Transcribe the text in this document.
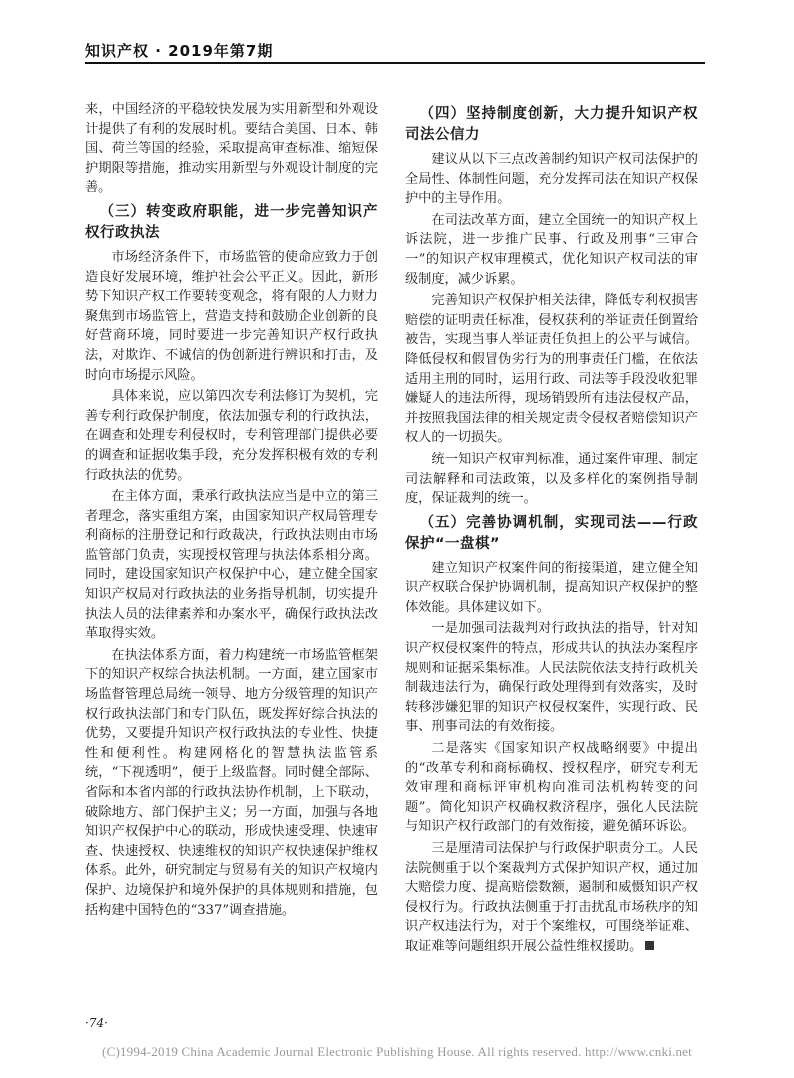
知识产权 · 2019年第7期

来，中国经济的平稳较快发展为实用新型和外观设计提供了有利的发展时机。要结合美国、日本、韩国、荷兰等国的经验，采取提高审查标准、缩短保护期限等措施，推动实用新型与外观设计制度的完善。

（三）转变政府职能，进一步完善知识产权行政执法

市场经济条件下，市场监管的使命应致力于创造良好发展环境，维护社会公平正义。因此，新形势下知识产权工作要转变观念，将有限的人力财力聚焦到市场监管上，营造支持和鼓励企业创新的良好营商环境，同时要进一步完善知识产权行政执法，对欺诈、不诚信的伪创新进行辨识和打击，及时向市场提示风险。

具体来说，应以第四次专利法修订为契机，完善专利行政保护制度，依法加强专利的行政执法，在调查和处理专利侵权时，专利管理部门提供必要的调查和证据收集手段，充分发挥积极有效的专利行政执法的优势。

在主体方面，秉承行政执法应当是中立的第三者理念，落实重组方案，由国家知识产权局管理专利商标的注册登记和行政裁决，行政执法则由市场监管部门负责，实现授权管理与执法体系相分离。同时，建设国家知识产权保护中心，建立健全国家知识产权局对行政执法的业务指导机制，切实提升执法人员的法律素养和办案水平，确保行政执法改革取得实效。

在执法体系方面，着力构建统一市场监管框架下的知识产权综合执法机制。一方面，建立国家市场监督管理总局统一领导、地方分级管理的知识产权行政执法部门和专门队伍，既发挥好综合执法的优势，又要提升知识产权行政执法的专业性、快捷性和便利性。构建网格化的智慧执法监管系统，“下视透明”，便于上级监督。同时健全部际、省际和本省内部的行政执法协作机制，上下联动，破除地方、部门保护主义；另一方面，加强与各地知识产权保护中心的联动，形成快速受理、快速审查、快速授权、快速维权的知识产权快速保护维权体系。此外，研究制定与贸易有关的知识产权境内保护、边境保护和境外保护的具体规则和措施，包括构建中国特色的“337”调查措施。

（四）坚持制度创新，大力提升知识产权司法公信力

建议从以下三点改善制约知识产权司法保护的全局性、体制性问题，充分发挥司法在知识产权保护中的主导作用。

在司法改革方面，建立全国统一的知识产权上诉法院，进一步推广民事、行政及刑事“三审合一”的知识产权审理模式，优化知识产权司法的审级制度，减少诉累。

完善知识产权保护相关法律，降低专利权损害赔偿的证明责任标准，侵权获利的举证责任倒置给被告，实现当事人举证责任负担上的公平与诚信。降低侵权和假冒伪劣行为的刑事责任门槛，在依法适用主刑的同时，运用行政、司法等手段没收犯罪嫌疑人的违法所得，现场销毁所有违法侵权产品，并按照我国法律的相关规定责令侵权者赔偿知识产权人的一切损失。

统一知识产权审判标准，通过案件审理、制定司法解释和司法政策，以及多样化的案例指导制度，保证裁判的统一。

（五）完善协调机制，实现司法——行政保护“一盘棋”

建立知识产权案件间的衔接渠道，建立健全知识产权联合保护协调机制，提高知识产权保护的整体效能。具体建议如下。

一是加强司法裁判对行政执法的指导，针对知识产权侵权案件的特点，形成共认的执法办案程序规则和证据采集标准。人民法院依法支持行政机关制裁违法行为，确保行政处理得到有效落实，及时转移涉嫌犯罪的知识产权侵权案件，实现行政、民事、刑事司法的有效衔接。

二是落实《国家知识产权战略纲要》中提出的“改革专利和商标确权、授权程序，研究专利无效审理和商标评审机构向准司法机构转变的问题”。简化知识产权确权救济程序，强化人民法院与知识产权行政部门的有效衔接，避免循环诉讼。

三是厘清司法保护与行政保护职责分工。人民法院侧重于以个案裁判方式保护知识产权，通过加大赔偿力度、提高赔偿数额，遏制和威慑知识产权侵权行为。行政执法侧重于打击扰乱市场秩序的知识产权违法行为，对于个案维权，可围绕举证难、取证难等问题组织开展公益性维权援助。

·74·
(C)1994-2019 China Academic Journal Electronic Publishing House. All rights reserved. http://www.cnki.net
